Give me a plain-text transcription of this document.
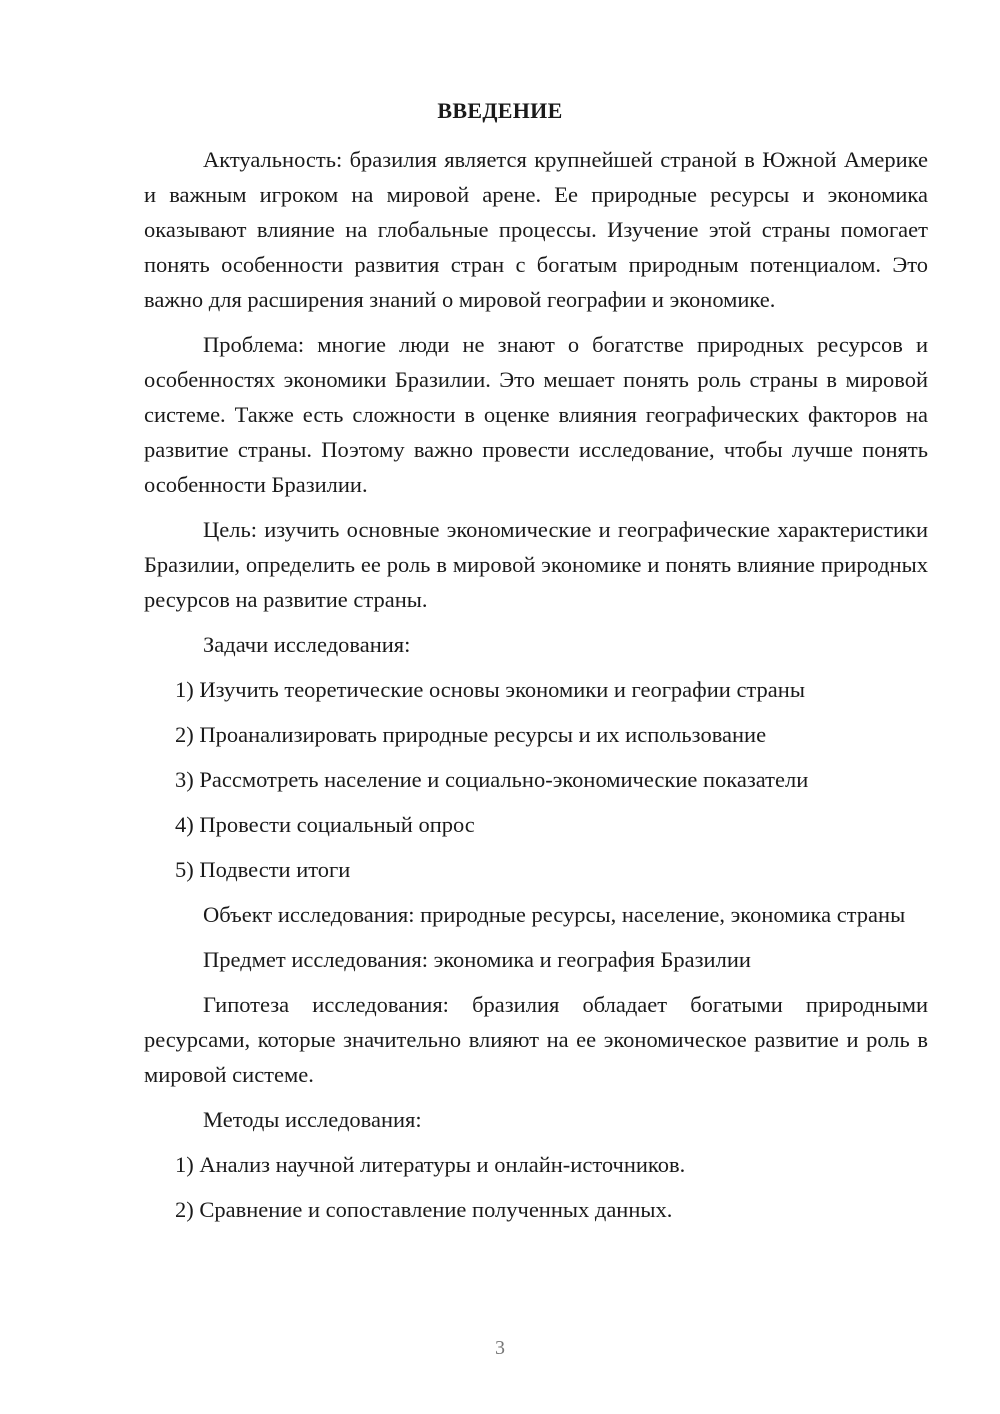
ВВЕДЕНИЕ

Актуальность: бразилия является крупнейшей страной в Южной Америке и важным игроком на мировой арене. Ее природные ресурсы и экономика оказывают влияние на глобальные процессы. Изучение этой страны помогает понять особенности развития стран с богатым природным потенциалом. Это важно для расширения знаний о мировой географии и экономике.

Проблема: многие люди не знают о богатстве природных ресурсов и особенностях экономики Бразилии. Это мешает понять роль страны в мировой системе. Также есть сложности в оценке влияния географических факторов на развитие страны. Поэтому важно провести исследование, чтобы лучше понять особенности Бразилии.

Цель: изучить основные экономические и географические характеристики Бразилии, определить ее роль в мировой экономике и понять влияние природных ресурсов на развитие страны.

Задачи исследования:

1) Изучить теоретические основы экономики и географии страны

2) Проанализировать природные ресурсы и их использование

3) Рассмотреть население и социально-экономические показатели

4) Провести социальный опрос

5) Подвести итоги

Объект исследования: природные ресурсы, население, экономика страны

Предмет исследования: экономика и география Бразилии

Гипотеза исследования: бразилия обладает богатыми природными ресурсами, которые значительно влияют на ее экономическое развитие и роль в мировой системе.

Методы исследования:

1) Анализ научной литературы и онлайн-источников.

2) Сравнение и сопоставление полученных данных.

3
